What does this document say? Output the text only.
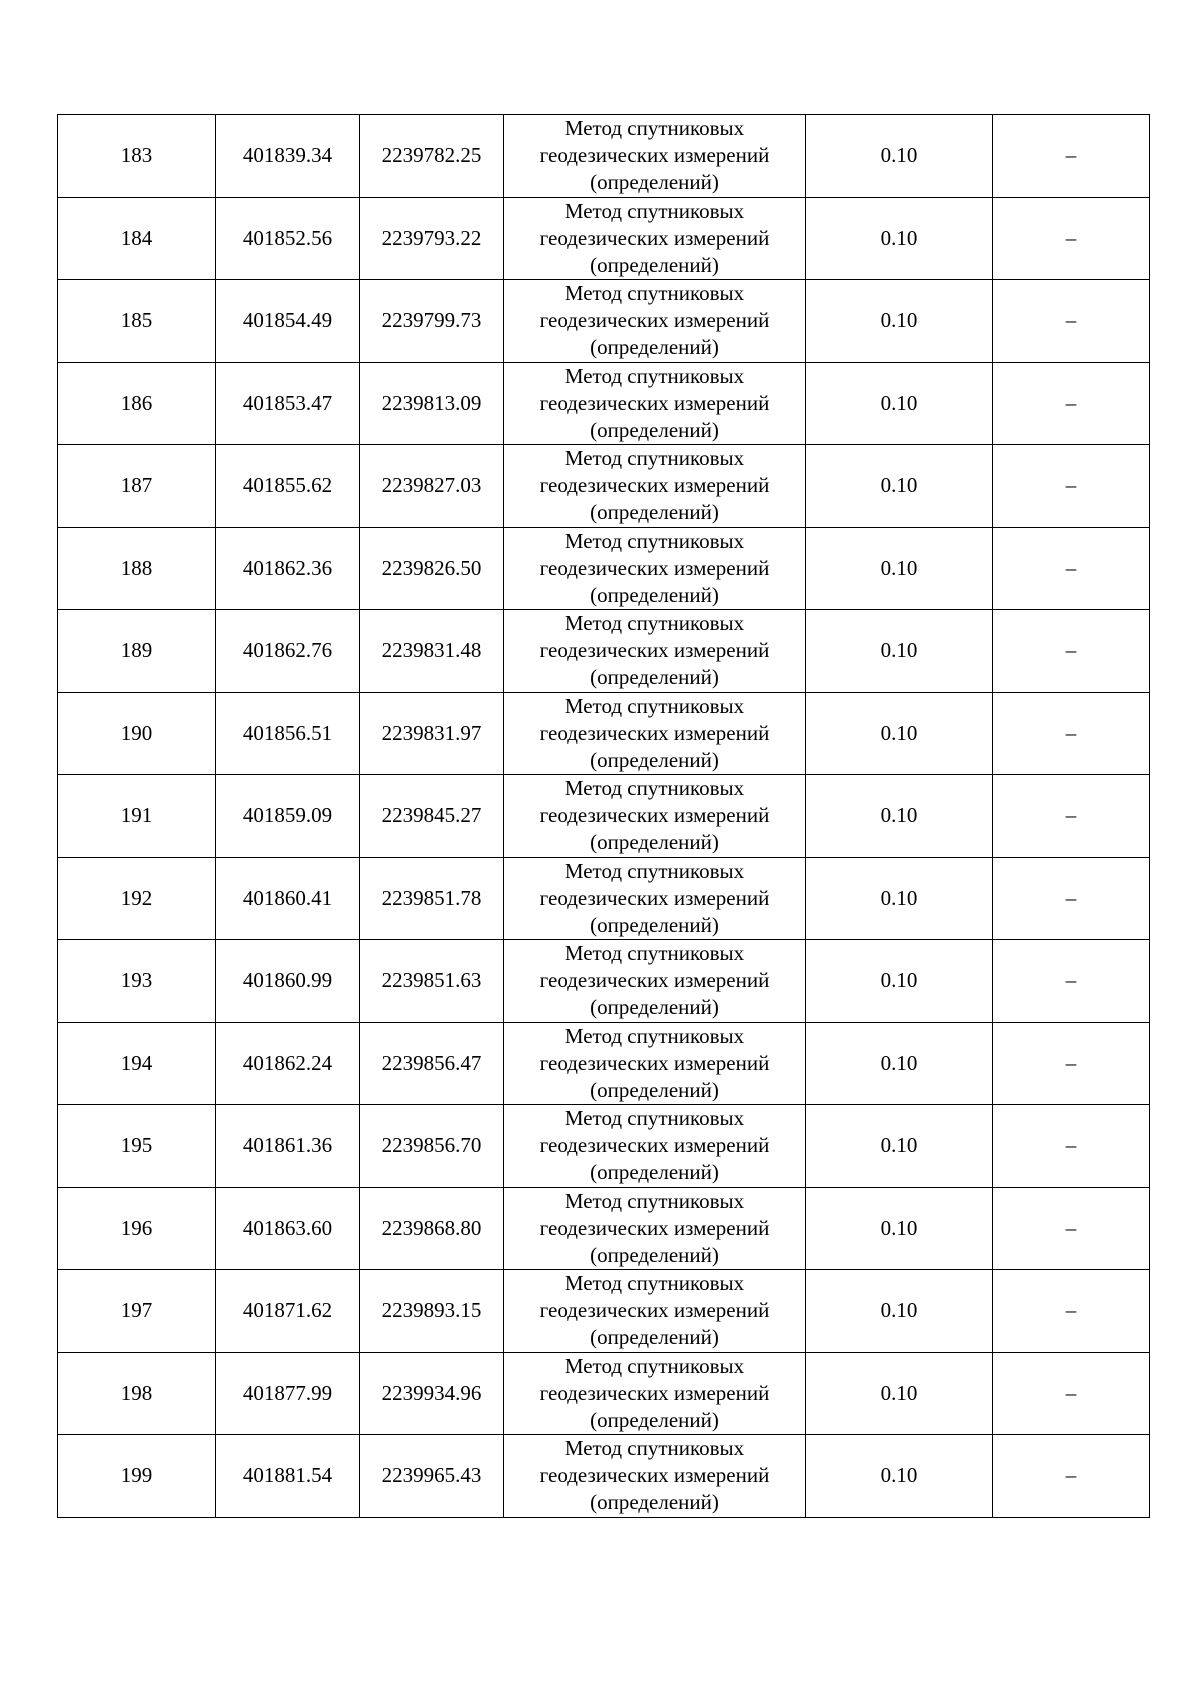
183	401839.34	2239782.25	Метод спутниковых
геодезических измерений
(определений)	0.10	–
184	401852.56	2239793.22	Метод спутниковых
геодезических измерений
(определений)	0.10	–
185	401854.49	2239799.73	Метод спутниковых
геодезических измерений
(определений)	0.10	–
186	401853.47	2239813.09	Метод спутниковых
геодезических измерений
(определений)	0.10	–
187	401855.62	2239827.03	Метод спутниковых
геодезических измерений
(определений)	0.10	–
188	401862.36	2239826.50	Метод спутниковых
геодезических измерений
(определений)	0.10	–
189	401862.76	2239831.48	Метод спутниковых
геодезических измерений
(определений)	0.10	–
190	401856.51	2239831.97	Метод спутниковых
геодезических измерений
(определений)	0.10	–
191	401859.09	2239845.27	Метод спутниковых
геодезических измерений
(определений)	0.10	–
192	401860.41	2239851.78	Метод спутниковых
геодезических измерений
(определений)	0.10	–
193	401860.99	2239851.63	Метод спутниковых
геодезических измерений
(определений)	0.10	–
194	401862.24	2239856.47	Метод спутниковых
геодезических измерений
(определений)	0.10	–
195	401861.36	2239856.70	Метод спутниковых
геодезических измерений
(определений)	0.10	–
196	401863.60	2239868.80	Метод спутниковых
геодезических измерений
(определений)	0.10	–
197	401871.62	2239893.15	Метод спутниковых
геодезических измерений
(определений)	0.10	–
198	401877.99	2239934.96	Метод спутниковых
геодезических измерений
(определений)	0.10	–
199	401881.54	2239965.43	Метод спутниковых
геодезических измерений
(определений)	0.10	–
